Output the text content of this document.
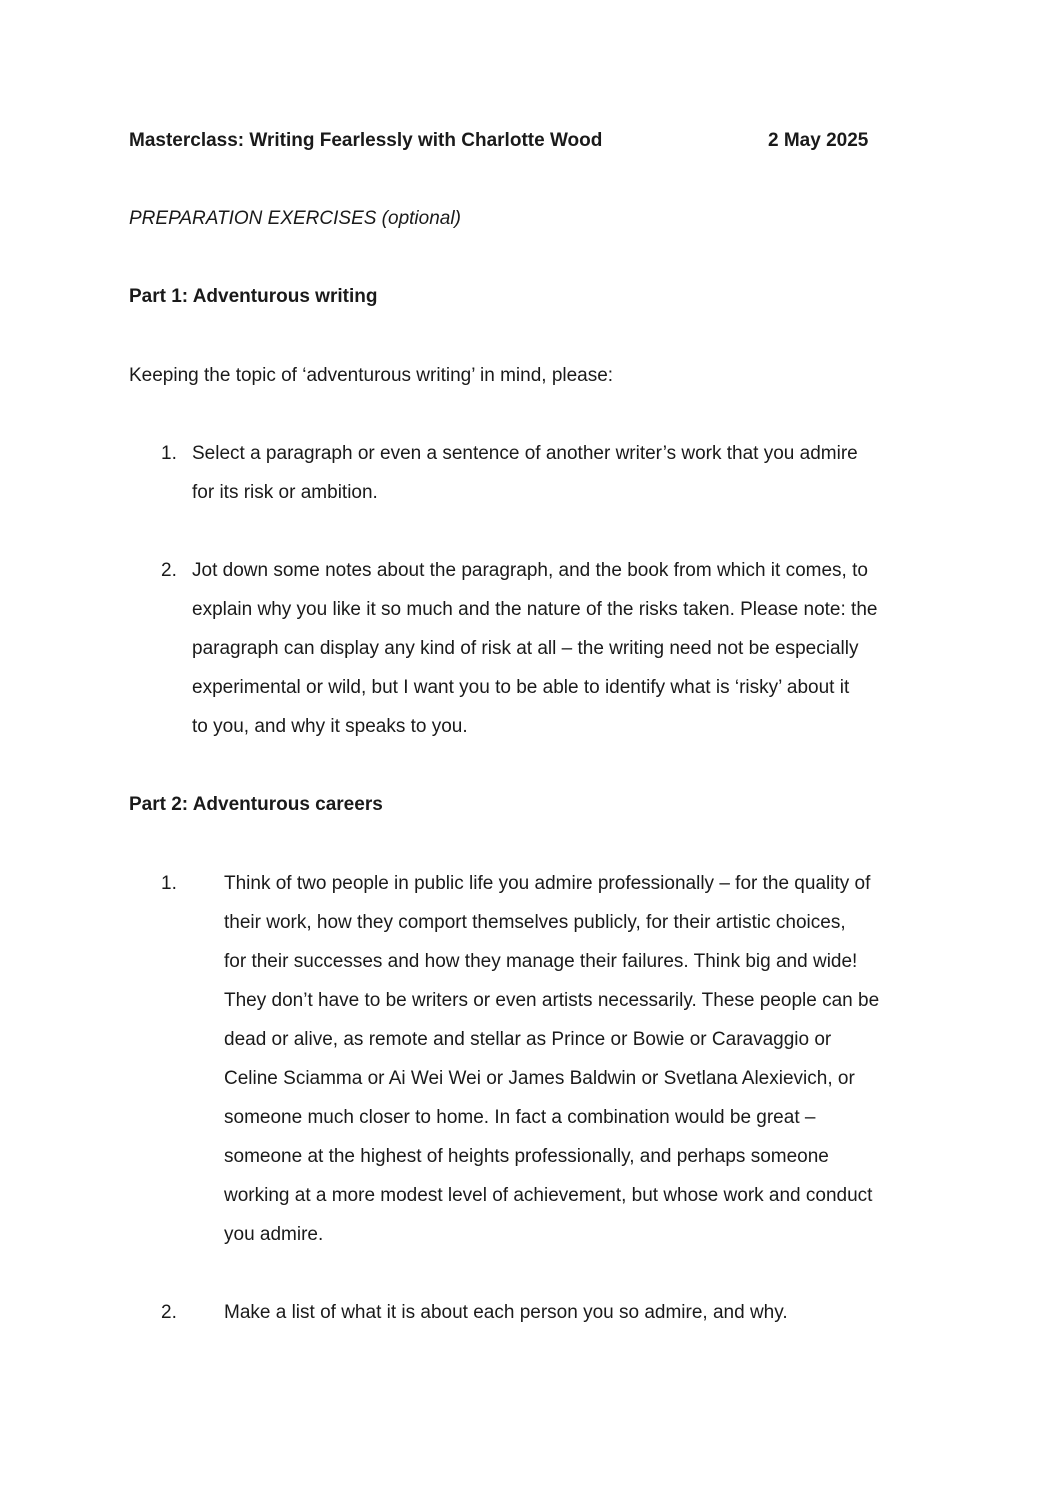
Masterclass: Writing Fearlessly with Charlotte Wood	2 May 2025
PREPARATION EXERCISES (optional)
Part 1: Adventurous writing
Keeping the topic of ‘adventurous writing’ in mind, please:
1. Select a paragraph or even a sentence of another writer’s work that you admire
for its risk or ambition.
2. Jot down some notes about the paragraph, and the book from which it comes, to
explain why you like it so much and the nature of the risks taken. Please note: the
paragraph can display any kind of risk at all – the writing need not be especially
experimental or wild, but I want you to be able to identify what is ‘risky’ about it
to you, and why it speaks to you.
Part 2: Adventurous careers
1. Think of two people in public life you admire professionally – for the quality of
their work, how they comport themselves publicly, for their artistic choices,
for their successes and how they manage their failures. Think big and wide!
They don’t have to be writers or even artists necessarily. These people can be
dead or alive, as remote and stellar as Prince or Bowie or Caravaggio or
Celine Sciamma or Ai Wei Wei or James Baldwin or Svetlana Alexievich, or
someone much closer to home. In fact a combination would be great –
someone at the highest of heights professionally, and perhaps someone
working at a more modest level of achievement, but whose work and conduct
you admire.
2. Make a list of what it is about each person you so admire, and why.
